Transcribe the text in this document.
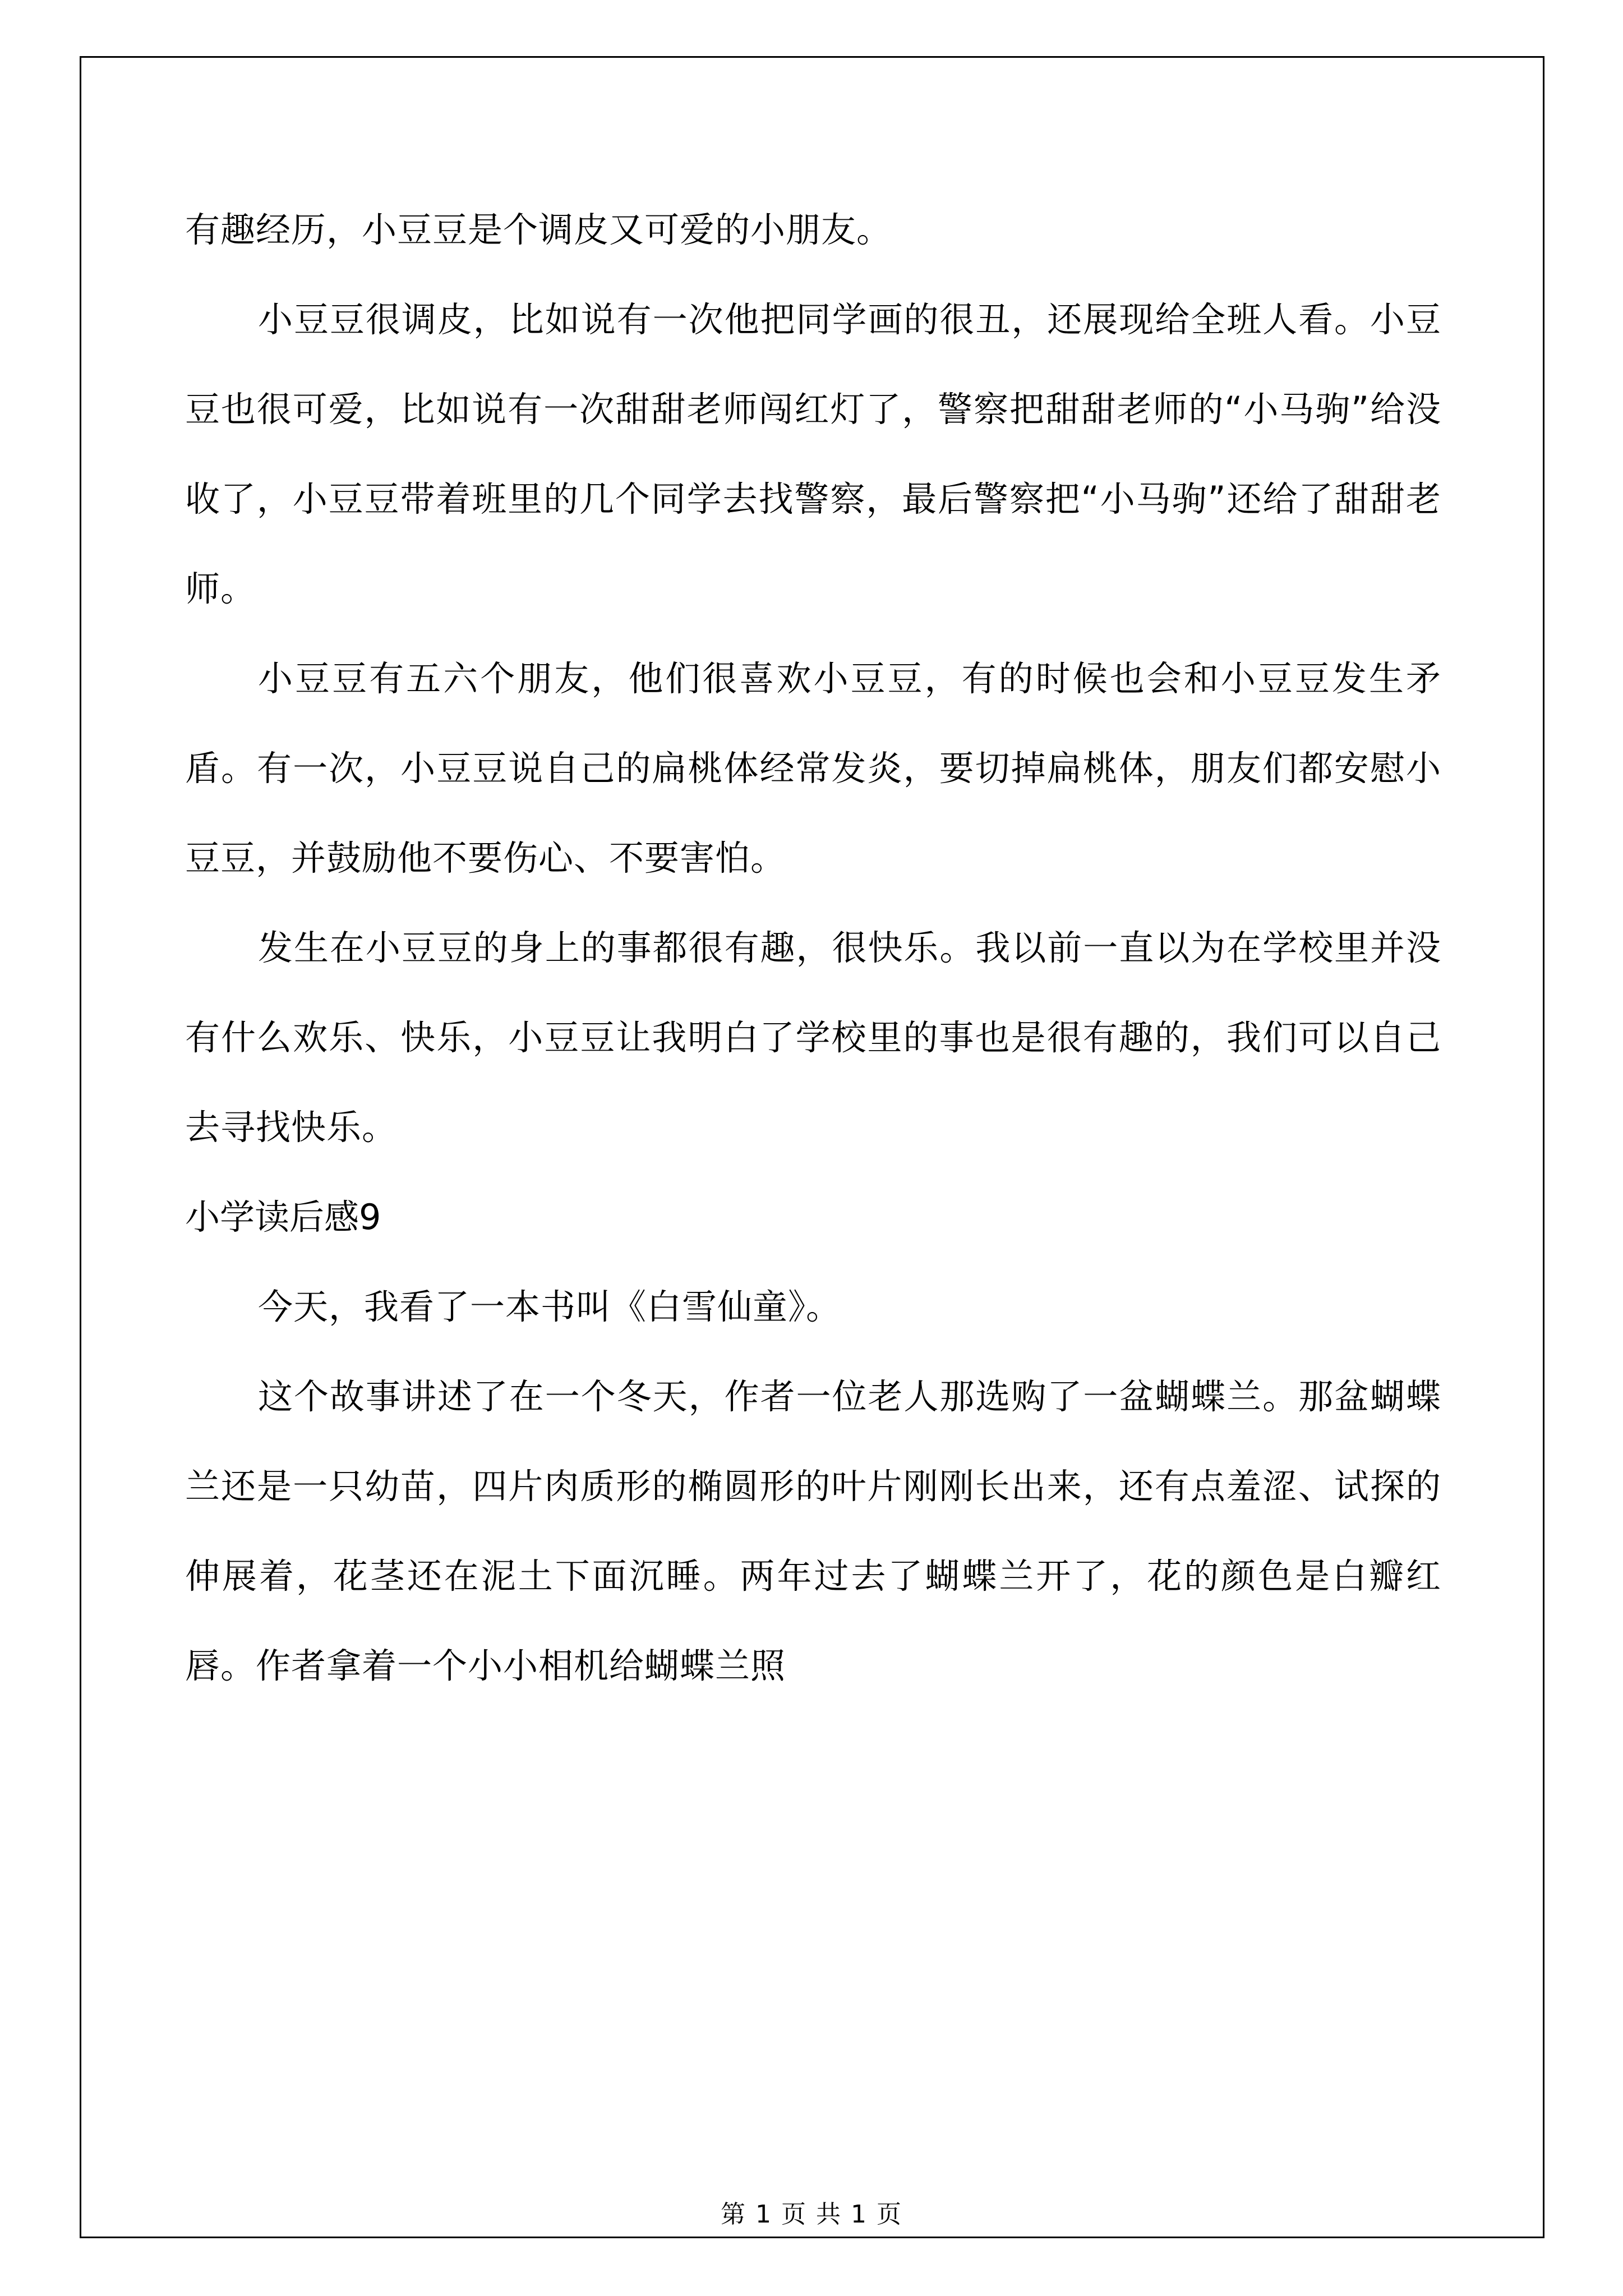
有趣经历，小豆豆是个调皮又可爱的小朋友。

小豆豆很调皮，比如说有一次他把同学画的很丑，还展现给全班人看。小豆豆也很可爱，比如说有一次甜甜老师闯红灯了，警察把甜甜老师的“小马驹”给没收了，小豆豆带着班里的几个同学去找警察，最后警察把“小马驹”还给了甜甜老师。

小豆豆有五六个朋友，他们很喜欢小豆豆，有的时候也会和小豆豆发生矛盾。有一次，小豆豆说自己的扁桃体经常发炎，要切掉扁桃体，朋友们都安慰小豆豆，并鼓励他不要伤心、不要害怕。

发生在小豆豆的身上的事都很有趣，很快乐。我以前一直以为在学校里并没有什么欢乐、快乐，小豆豆让我明白了学校里的事也是很有趣的，我们可以自己去寻找快乐。

小学读后感9

今天，我看了一本书叫《白雪仙童》。

这个故事讲述了在一个冬天，作者一位老人那选购了一盆蝴蝶兰。那盆蝴蝶兰还是一只幼苗，四片肉质形的椭圆形的叶片刚刚长出来，还有点羞涩、试探的伸展着，花茎还在泥土下面沉睡。两年过去了蝴蝶兰开了，花的颜色是白瓣红唇。作者拿着一个小小相机给蝴蝶兰照

第 1 页 共 1 页
